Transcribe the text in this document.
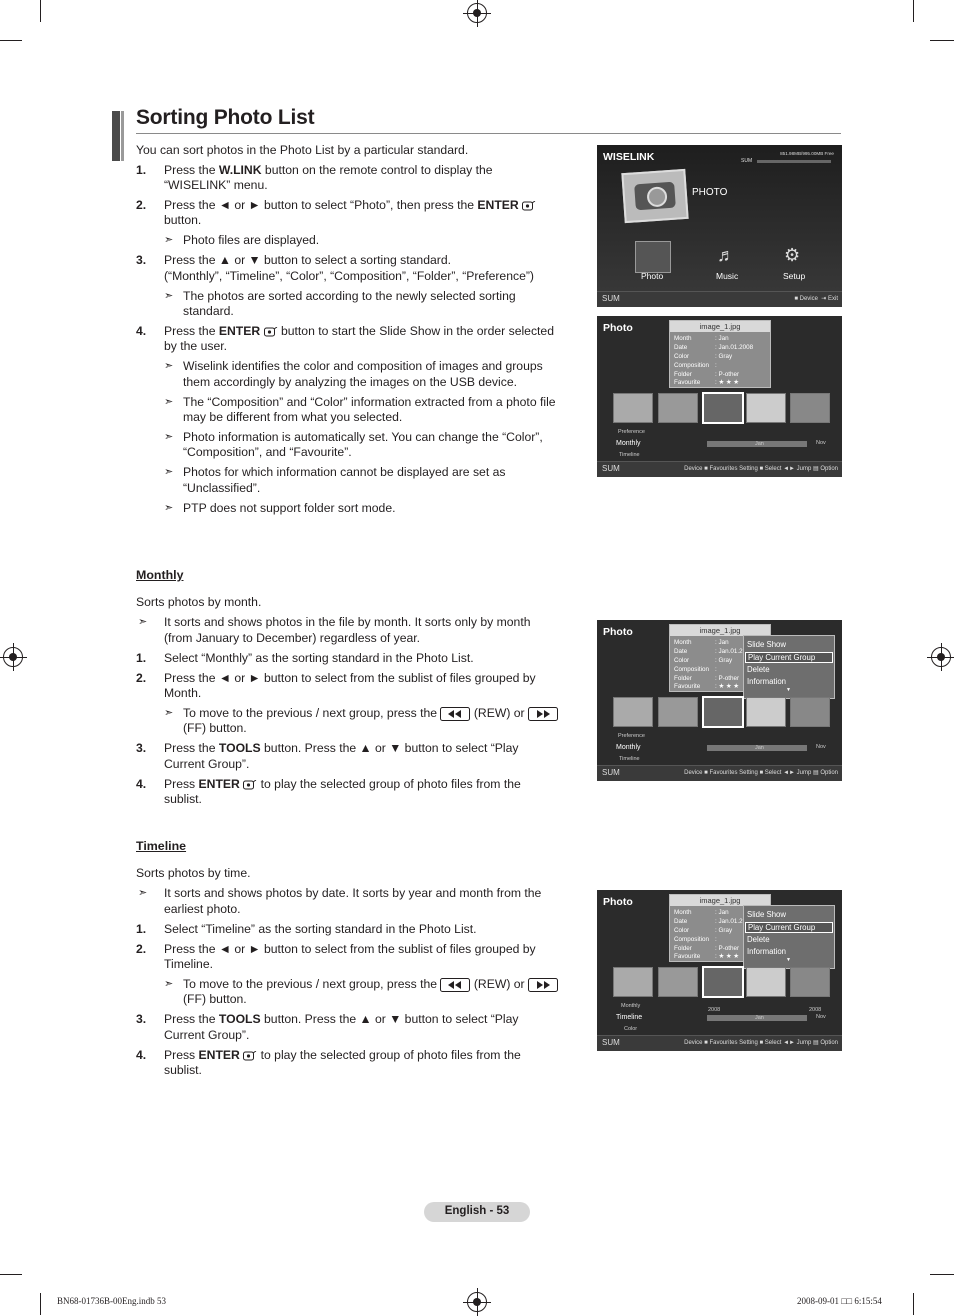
Sorting Photo List
You can sort photos in the Photo List by a particular standard.
1. Press the W.LINK button on the remote control to display the
“WISELINK” menu.
2. Press the ◄ or ► button to select “Photo”, then press the ENTER
button.
➣ Photo files are displayed.
3. Press the ▲ or ▼ button to select a sorting standard.
(“Monthly”, “Timeline”, “Color”, “Composition”, “Folder”, “Preference”)
➣ The photos are sorted according to the newly selected sorting
standard.
4. Press the ENTER  button to start the Slide Show in the order selected
by the user.
➣ Wiselink identifies the color and composition of images and groups
them accordingly by analyzing the images on the USB device.
➣ The “Composition” and “Color” information extracted from a photo file
may be different from what you selected.
➣ Photo information is automatically set. You can change the “Color”,
“Composition”, and “Favourite”.
➣ Photos for which information cannot be displayed are set as
“Unclassified”.
➣ PTP does not support folder sort mode.
Monthly
Sorts photos by month.
➣ It sorts and shows photos in the file by month. It sorts only by month
(from January to December) regardless of year.
1. Select “Monthly” as the sorting standard in the Photo List.
2. Press the ◄ or ► button to select from the sublist of files grouped by
Month.
➣ To move to the previous / next group, press the	(REW) or
(FF) button.
3. Press the TOOLS button. Press the ▲ or ▼ button to select “Play
Current Group”.
4. Press ENTER  to play the selected group of photo files from the
sublist.
Timeline
Sorts photos by time.
➣ It sorts and shows photos by date. It sorts by year and month from the
earliest photo.
1. Select “Timeline” as the sorting standard in the Photo List.
2. Press the ◄ or ► button to select from the sublist of files grouped by
Timeline.
➣ To move to the previous / next group, press the	(REW) or
(FF) button.
3. Press the TOOLS button. Press the ▲ or ▼ button to select “Play
Current Group”.
4. Press ENTER  to play the selected group of photo files from the
sublist.
WISELINK	851.98MB/995.00MB Free
SUM
PHOTO
Photo
♬
Music
⚙
Setup
SUM	■ Device  ⇥ Exit
Photo	image_1.jpg
Month
Date
Color
Composition
Folder
Favourite
: Jan
: Jan.01.2008
: Gray
:
: P-other
: ★ ★ ★
Preference
Monthly
Timeline
Jan	Nov
SUM	Device ■ Favourites Setting ■ Select ◄► Jump ▤ Option
Photo	image_1.jpg
Month
Date
Color
Composition
Folder
Favourite
: Jan
: Jan.01.2
: Gray
:
: P-other
: ★ ★ ★
Slide Show
Play Current Group
Delete
Information
▼
Preference
Monthly
Timeline
Jan	Nov
SUM	Device ■ Favourites Setting ■ Select ◄► Jump ▤ Option
Photo	image_1.jpg
Month
Date
Color
Composition
Folder
Favourite
: Jan
: Jan.01.2
: Gray
:
: P-other
: ★ ★ ★
Slide Show
Play Current Group
Delete
Information
▼
Monthly
Timeline
Color
2008	2008
Jan	Nov
SUM	Device ■ Favourites Setting ■ Select ◄► Jump ▤ Option
English - 53
BN68-01736B-00Eng.indb 53	2008-09-01 □□ 6:15:54
